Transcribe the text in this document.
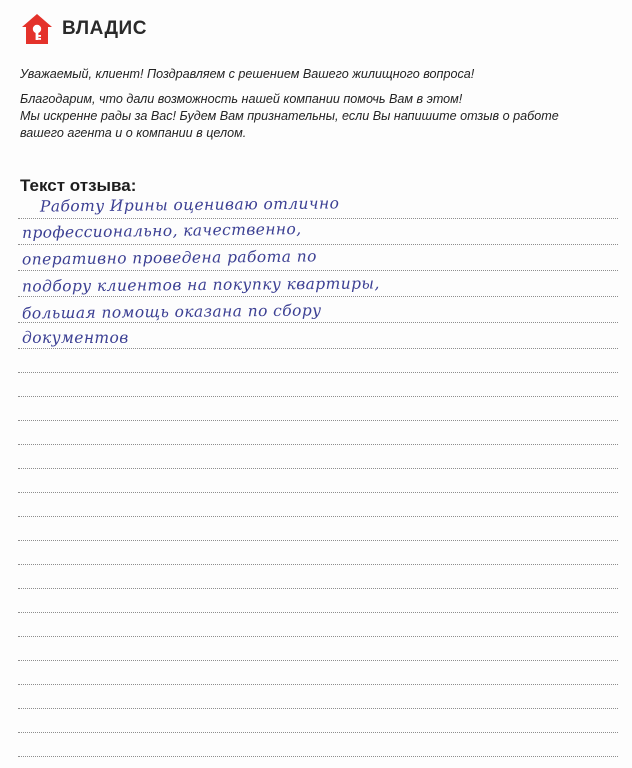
ВЛАДИС

Уважаемый, клиент! Поздравляем с решением Вашего жилищного вопроса!

Благодарим, что дали возможность нашей компании помочь Вам в этом!

Мы искренне рады за Вас! Будем Вам признательны, если Вы напишите отзыв о работе

вашего агента и о компании в целом.

Текст отзыва:
Работу Ирины оцениваю отлично
профессионально, качественно,
оперативно проведена работа по
подбору клиентов на покупку квартиры,
большая помощь оказана по сбору
документов
